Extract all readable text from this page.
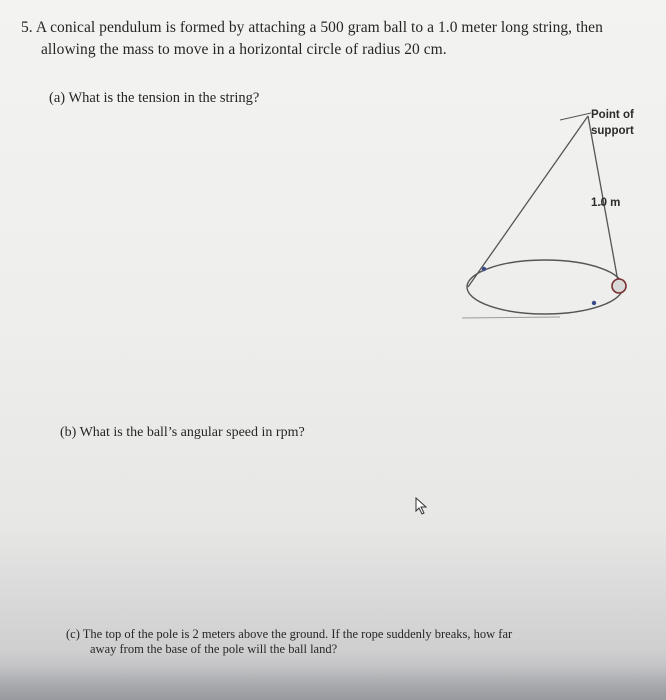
5. A conical pendulum is formed by attaching a 500 gram ball to a 1.0 meter long string, then
allowing the mass to move in a horizontal circle of radius 20 cm.
(a) What is the tension in the string?
Point of
support
1.0 m
(b) What is the ball’s angular speed in rpm?
(c) The top of the pole is 2 meters above the ground. If the rope suddenly breaks, how far
away from the base of the pole will the ball land?
